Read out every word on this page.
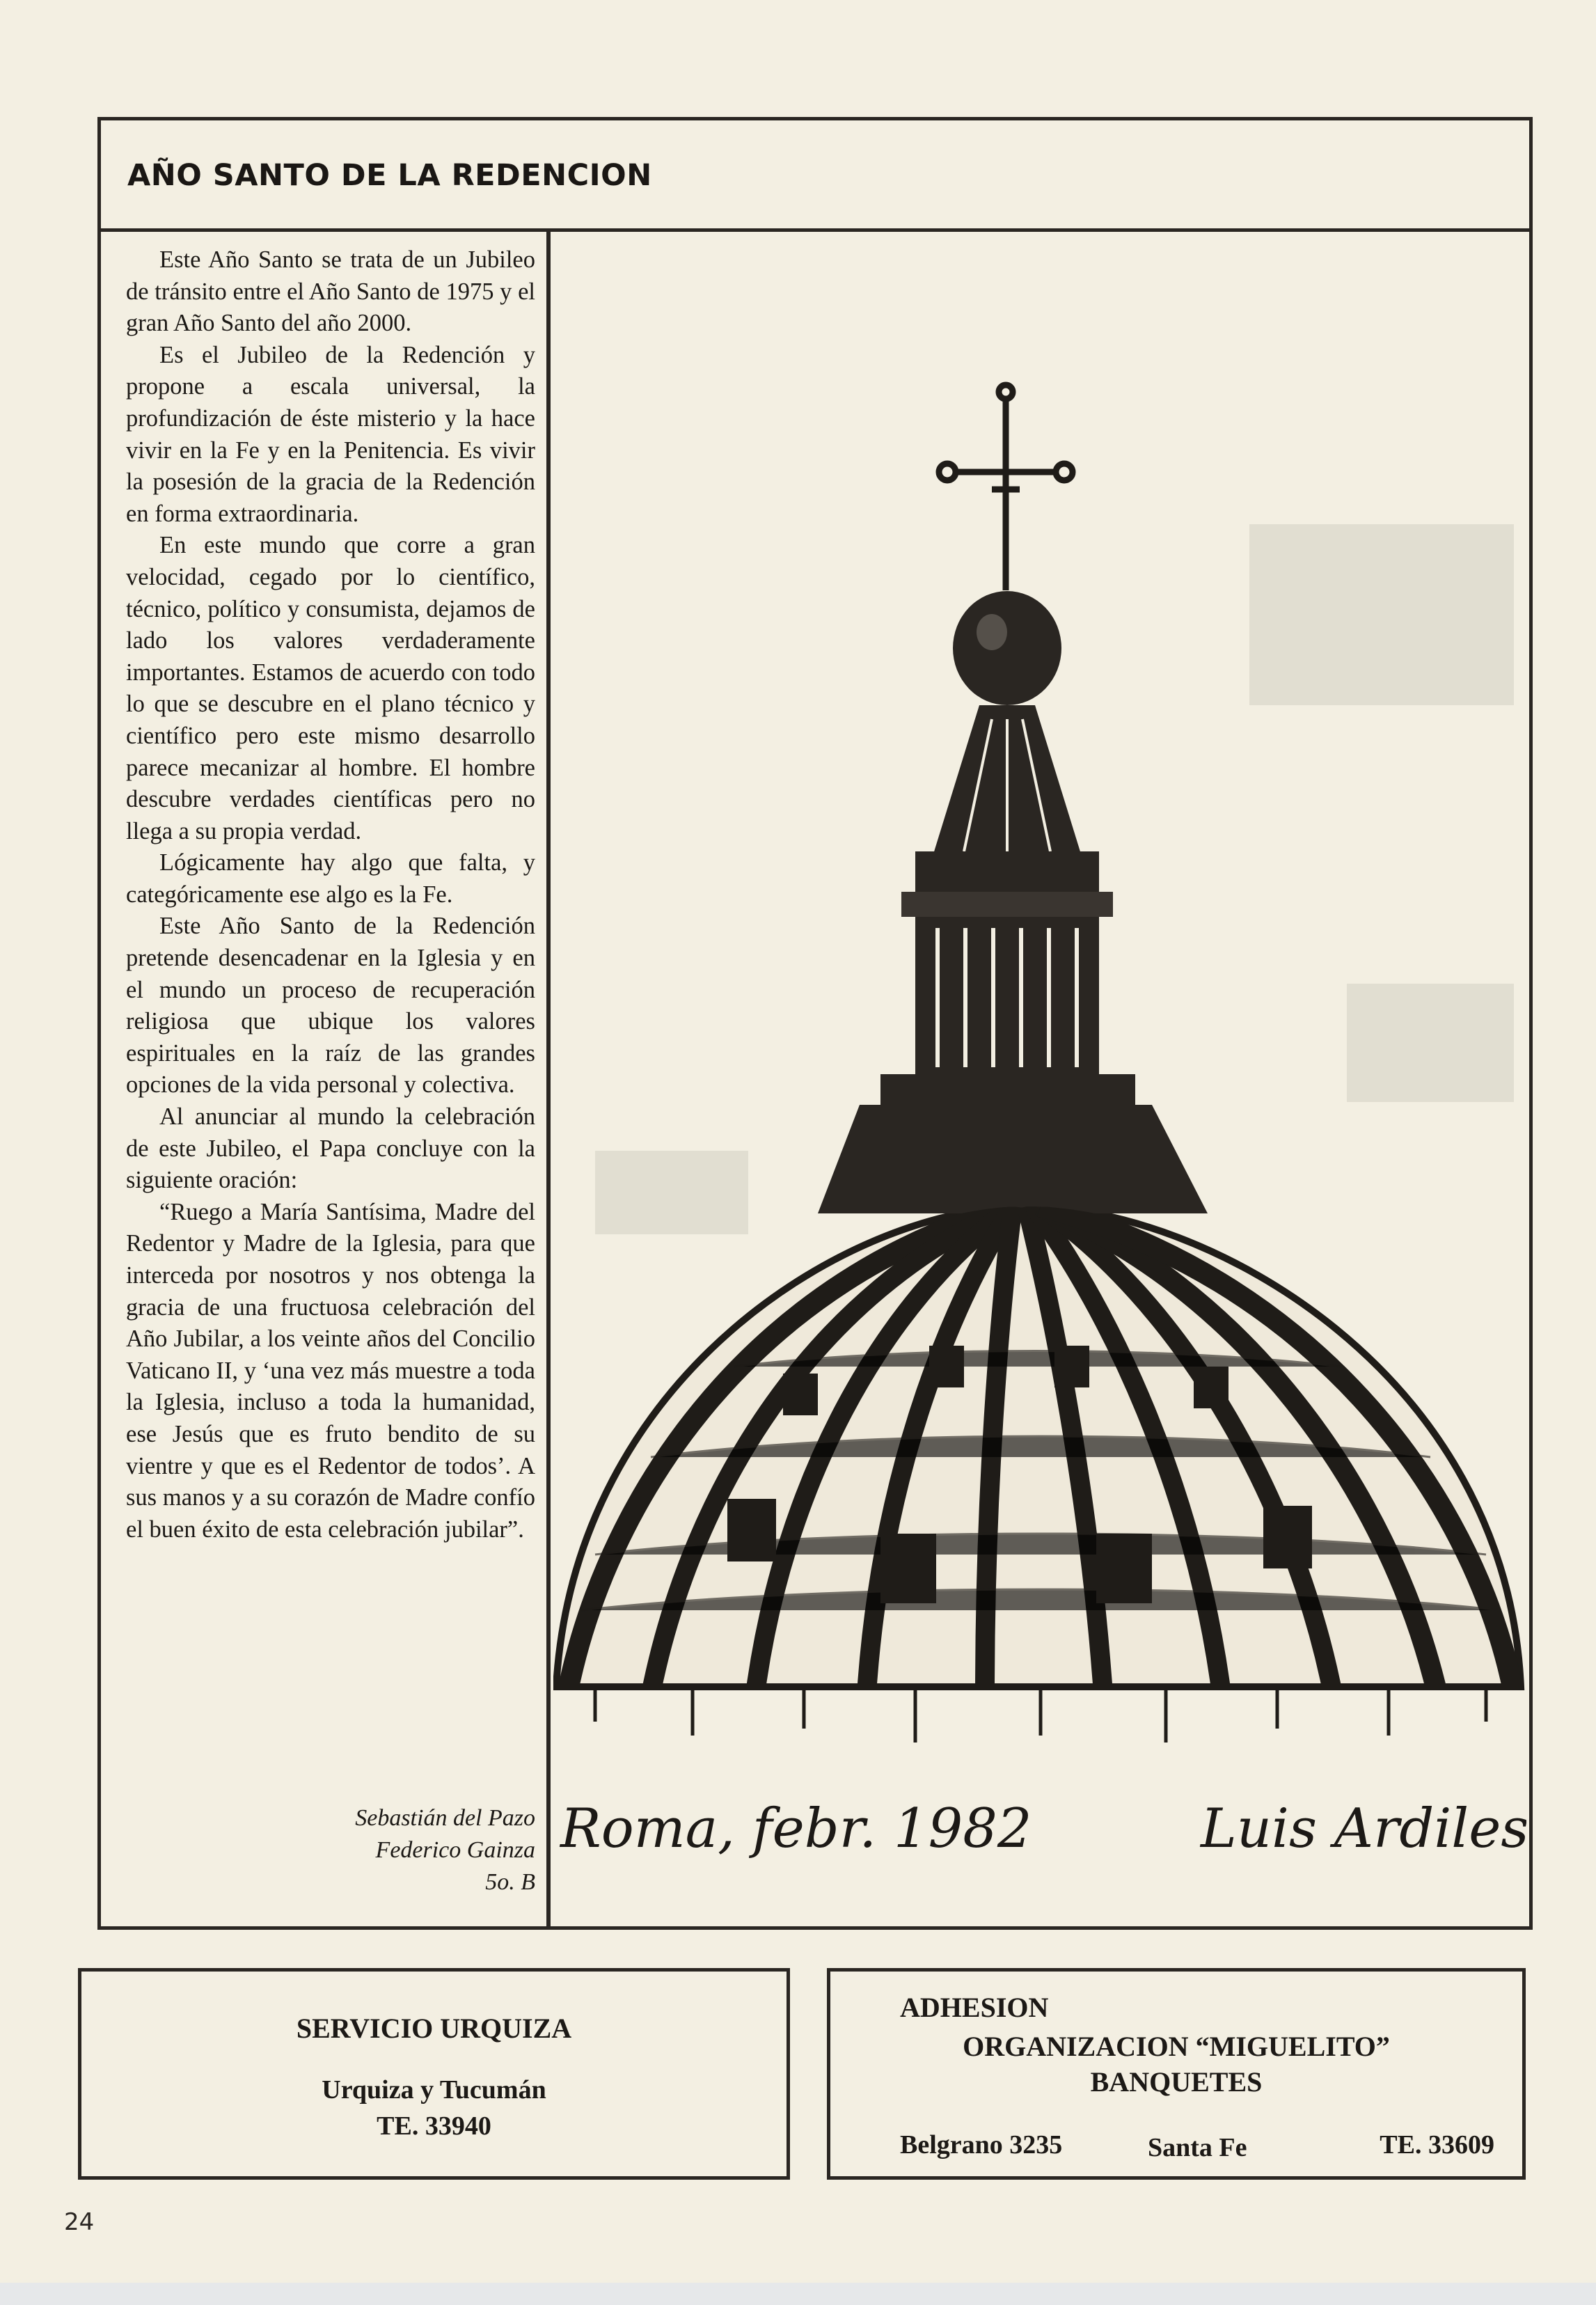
AÑO SANTO DE LA REDENCION

Este Año Santo se trata de un Jubileo de tránsito entre el Año Santo de 1975 y el gran Año Santo del año 2000.

Es el Jubileo de la Redención y propone a escala universal, la profundización de éste misterio y la hace vivir en la Fe y en la Penitencia. Es vivir la posesión de la gracia de la Redención en forma extraordinaria.

En este mundo que corre a gran velocidad, cegado por lo científico, técnico, político y consumista, dejamos de lado los valores verdaderamente importantes. Estamos de acuerdo con todo lo que se descubre en el plano técnico y científico pero este mismo desarrollo parece mecanizar al hombre. El hombre descubre verdades científicas pero no llega a su propia verdad.

Lógicamente hay algo que falta, y categóricamente ese algo es la Fe.

Este Año Santo de la Redención pretende desencadenar en la Iglesia y en el mundo un proceso de recuperación religiosa que ubique los valores espirituales en la raíz de las grandes opciones de la vida personal y colectiva.

Al anunciar al mundo la celebración de este Jubileo, el Papa concluye con la siguiente oración:

“Ruego a María Santísima, Madre del Redentor y Madre de la Iglesia, para que interceda por nosotros y nos obtenga la gracia de una fructuosa celebración del Año Jubilar, a los veinte años del Concilio Vaticano II, y ‘una vez más muestre a toda la Iglesia, incluso a toda la humanidad, ese Jesús que es fruto bendito de su vientre y que es el Redentor de todos’. A sus manos y a su corazón de Madre confío el buen éxito de esta celebración jubilar”.

Sebastián del Pazo
Federico Gainza
5o. B
Roma, febr. 1982	Luis Ardiles
SERVICIO URQUIZA
Urquiza y Tucumán
TE. 33940
ADHESION
ORGANIZACION “MIGUELITO”
BANQUETES
Belgrano 3235	Santa Fe	TE. 33609
24
